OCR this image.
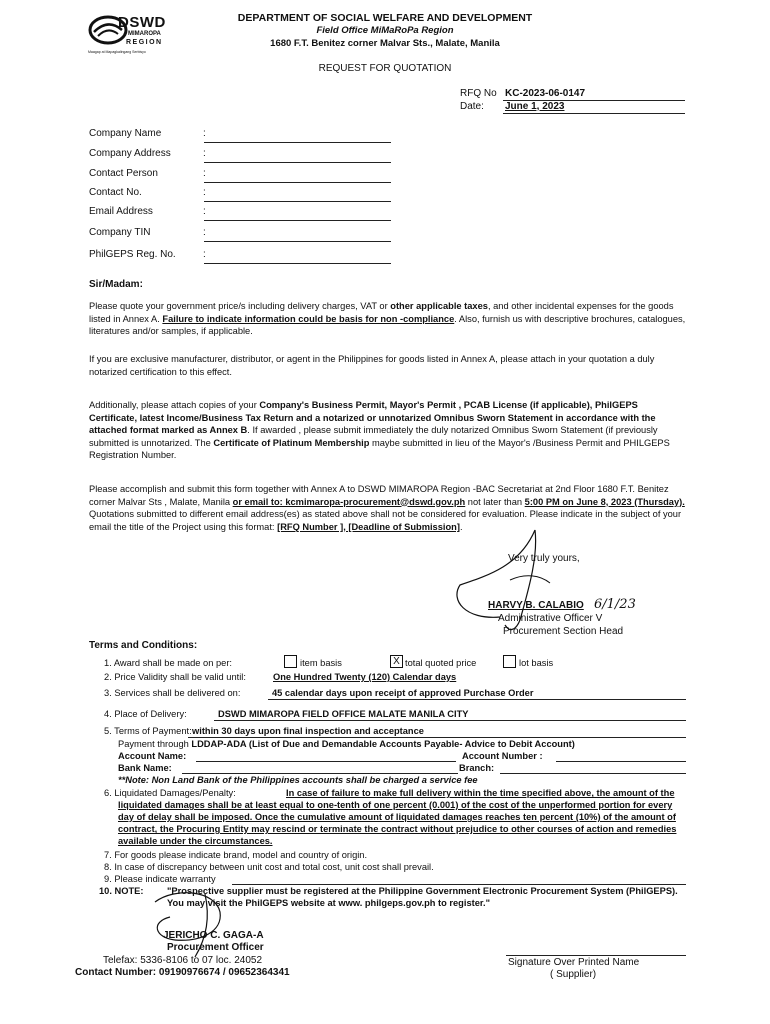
DSWD
MIMAROPA
REGION
Maagap at Mapagkalingang Serbisyo
DEPARTMENT OF SOCIAL WELFARE AND DEVELOPMENT
Field Office MiMaRoPa Region
1680 F.T. Benitez corner Malvar Sts., Malate, Manila
REQUEST FOR QUOTATION
RFQ No KC-2023-06-0147
Date: June 1, 2023
Company Name	:
Company Address	:
Contact Person	:
Contact No.	:
Email Address	:
Company TIN	:
PhilGEPS Reg. No.	:
Sir/Madam:
Please quote your government price/s including delivery charges, VAT or other applicable taxes, and other incidental expenses for the goods listed in Annex A. Failure to indicate information could be basis for non -compliance. Also, furnish us with descriptive brochures, catalogues, literatures and/or samples, if applicable.
If you are exclusive manufacturer, distributor, or agent in the Philippines for goods listed in Annex A, please attach in your quotation a duly notarized certification to this effect.
Additionally, please attach copies of your Company's Business Permit, Mayor's Permit , PCAB License (if applicable), PhilGEPS Certificate, latest Income/Business Tax Return and a notarized or unnotarized Omnibus Sworn Statement in accordance with the attached format marked as Annex B. If awarded , please submit immediately the duly notarized Omnibus Sworn Statement (if previously submitted is unnotarized. The Certificate of Platinum Membership maybe submitted in lieu of the Mayor's /Business Permit and PHILGEPS Registration Number.
Please accomplish and submit this form together with Annex A to DSWD MIMAROPA Region -BAC Secretariat at 2nd Floor 1680 F.T. Benitez corner Malvar Sts , Malate, Manila or email to: kcmimaropa-procurement@dswd.gov.ph not later than 5:00 PM on June 8, 2023 (Thursday). Quotations submitted to different email address(es) as stated above shall not be considered for evaluation. Please indicate in the subject of your email the title of the Project using this format: [RFQ Number ], [Deadline of Submission].
Very truly yours,
HARVY B. CALABIO 6/1/23
Administrative Officer V
Procurement Section Head
Terms and Conditions:
1. Award shall be made on per:	item basis	X total quoted price	lot basis
2. Price Validity shall be valid until:	One Hundred Twenty (120) Calendar days
3. Services shall be delivered on:	45 calendar days upon receipt of approved Purchase Order
4. Place of Delivery:	DSWD MIMAROPA FIELD OFFICE MALATE MANILA CITY
5. Terms of Payment: within 30 days upon final inspection and acceptance
Payment through LDDAP-ADA (List of Due and Demandable Accounts Payable- Advice to Debit Account)
Account Name:	Account Number :
Bank Name:	Branch:
**Note: Non Land Bank of the Philippines accounts shall be charged a service fee
6. Liquidated Damages/Penalty:	In case of failure to make full delivery within the time specified above, the amount of the liquidated damages shall be at least equal to one-tenth of one percent (0.001) of the cost of the unperformed portion for every day of delay shall be imposed. Once the cumulative amount of liquidated damages reaches ten percent (10%) of the amount of contract, the Procuring Entity may rescind or terminate the contract without prejudice to other courses of action and remedies available under the circumstances.
7. For goods please indicate brand, model and country of origin.
8. In case of discrepancy between unit cost and total cost, unit cost shall prevail.
9. Please indicate warranty
10. NOTE:	"Prospective supplier must be registered at the Philippine Government Electronic Procurement System (PhilGEPS). You may visit the PhilGEPS website at www. philgeps.gov.ph to register."
JERICHO C. GAGA-A
Procurement Officer
Telefax: 5336-8106 to 07 loc. 24052
Contact Number: 09190976674 / 09652364341
Signature Over Printed Name
( Supplier)
